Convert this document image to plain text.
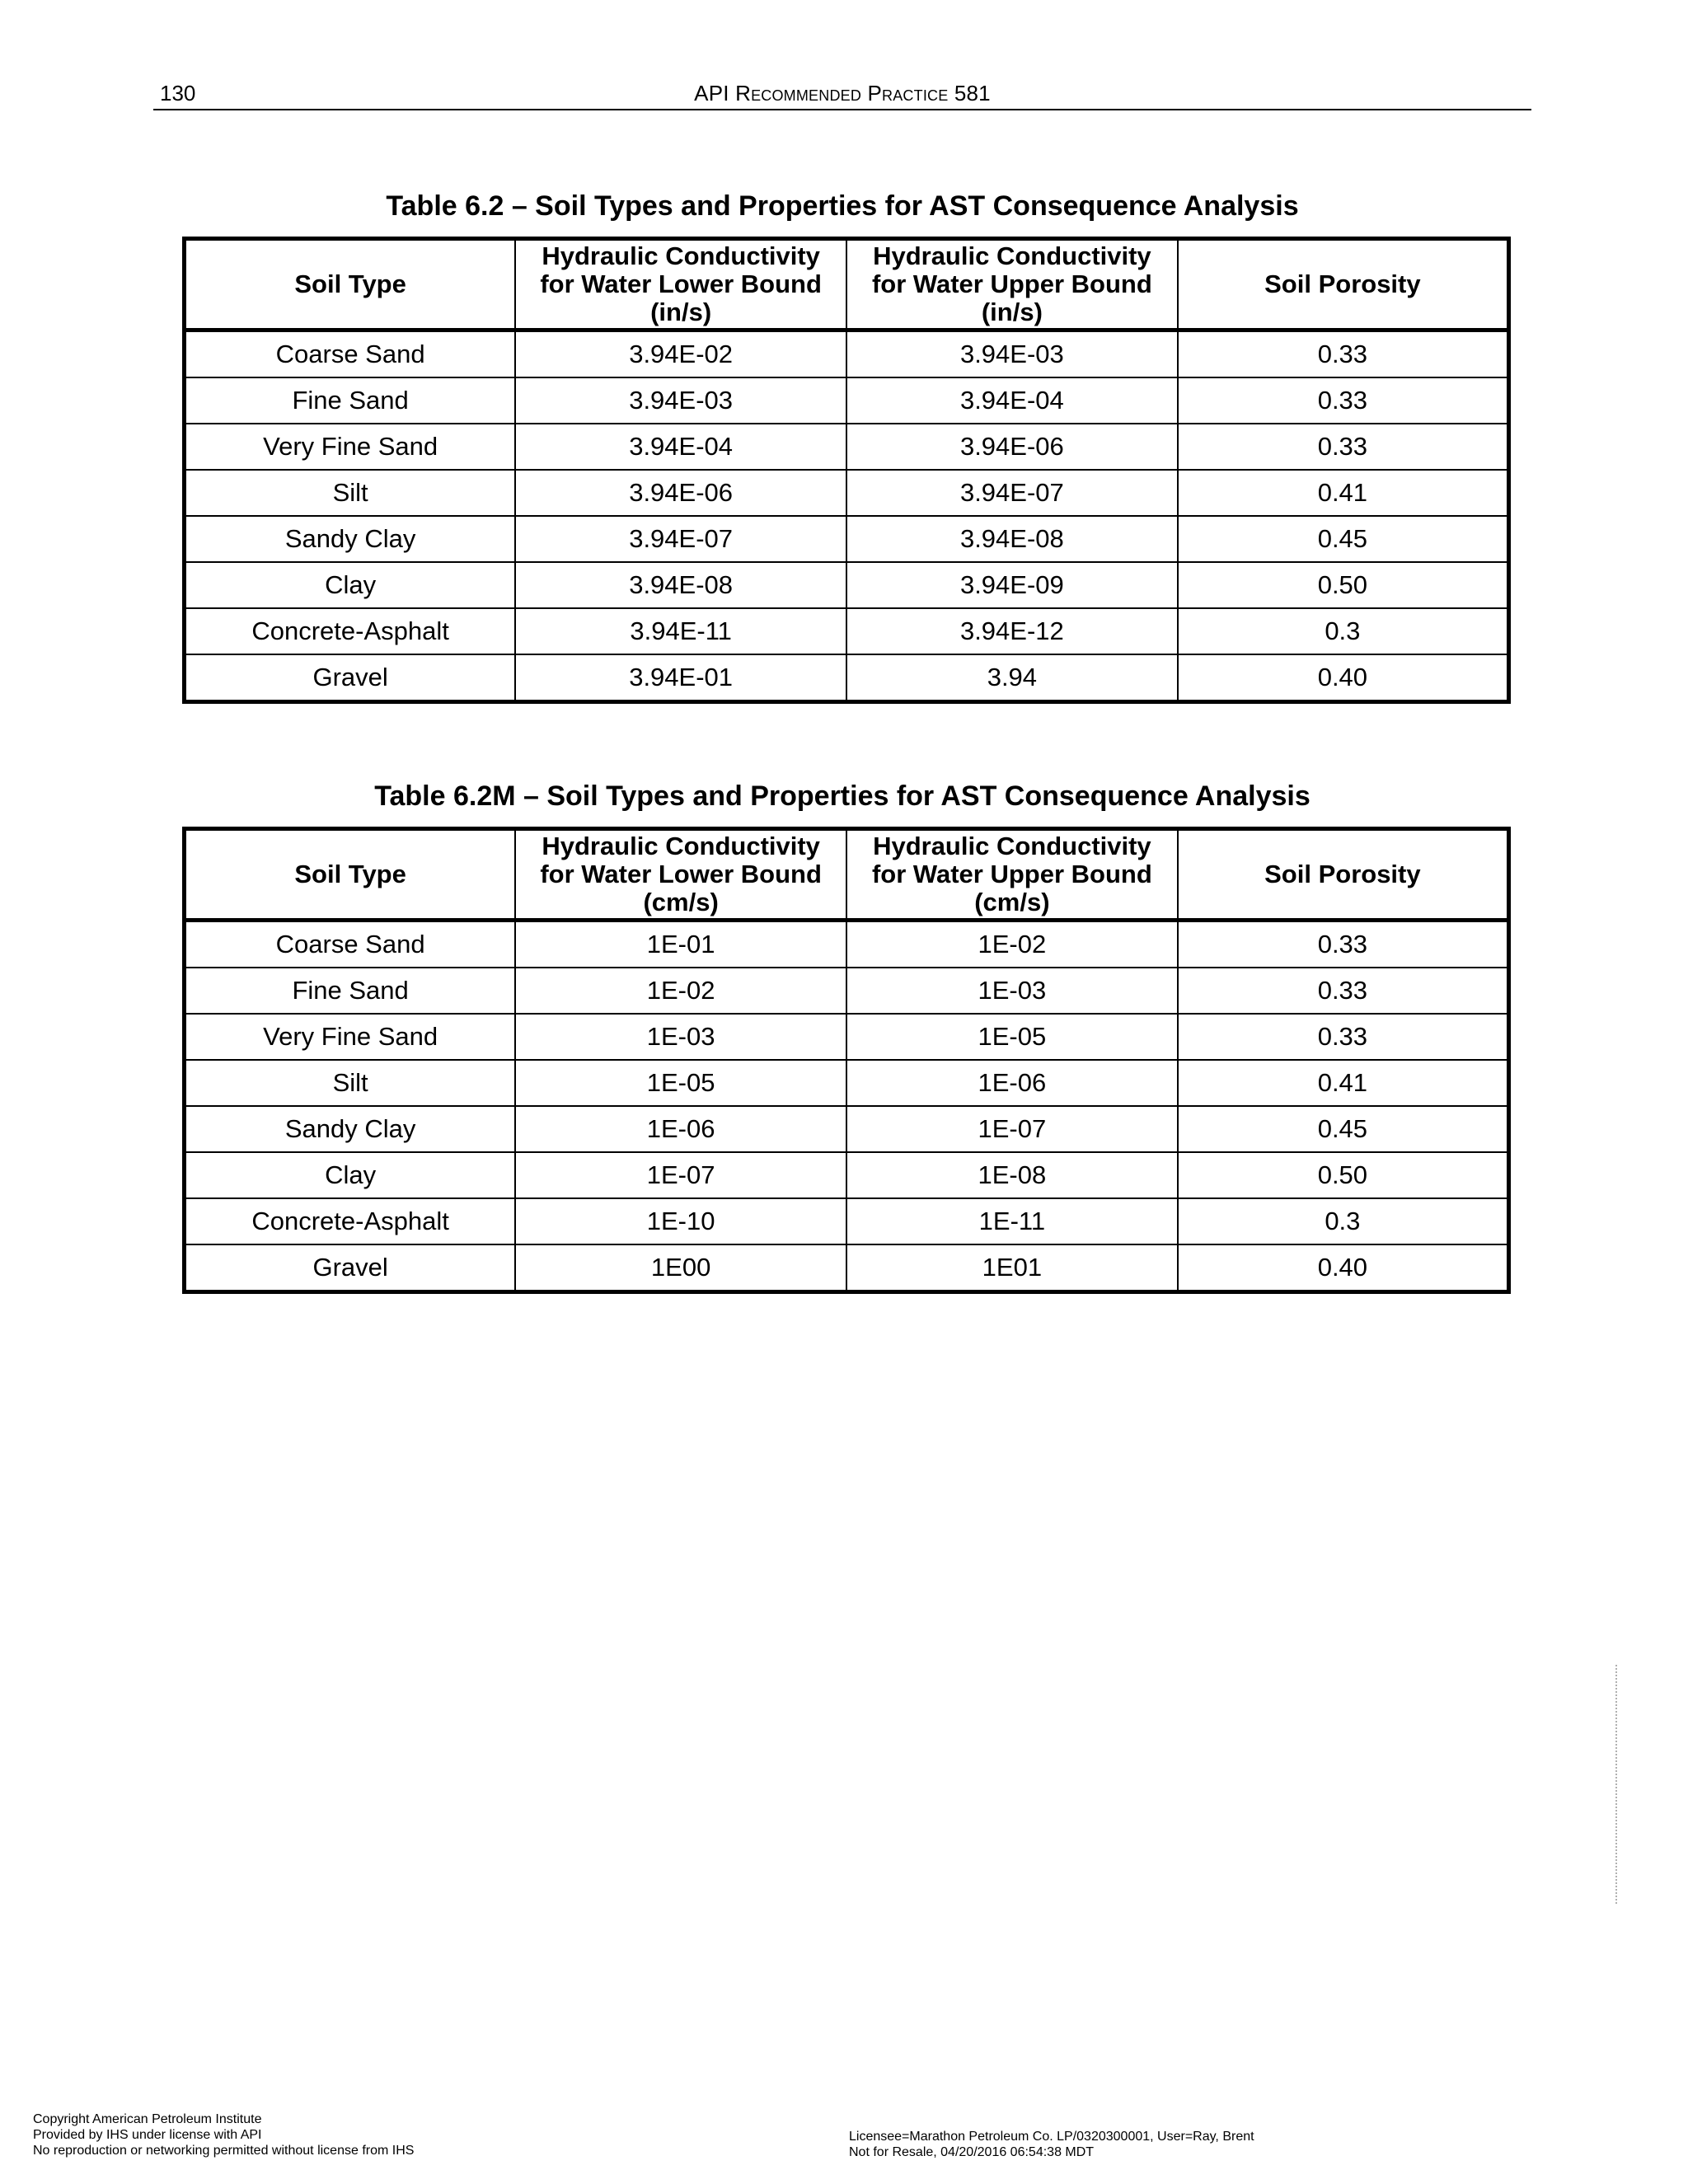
130	API Recommended Practice 581
Table 6.2 – Soil Types and Properties for AST Consequence Analysis
Soil Type	Hydraulic Conductivity
for Water Lower Bound
(in/s)	Hydraulic Conductivity
for Water Upper Bound
(in/s)	Soil Porosity

Coarse Sand	3.94E-02	3.94E-03	0.33
Fine Sand	3.94E-03	3.94E-04	0.33
Very Fine Sand	3.94E-04	3.94E-06	0.33
Silt	3.94E-06	3.94E-07	0.41
Sandy Clay	3.94E-07	3.94E-08	0.45
Clay	3.94E-08	3.94E-09	0.50
Concrete-Asphalt	3.94E-11	3.94E-12	0.3
Gravel	3.94E-01	3.94	0.40
Table 6.2M – Soil Types and Properties for AST Consequence Analysis
Soil Type	Hydraulic Conductivity
for Water Lower Bound
(cm/s)	Hydraulic Conductivity
for Water Upper Bound
(cm/s)	Soil Porosity

Coarse Sand	1E-01	1E-02	0.33
Fine Sand	1E-02	1E-03	0.33
Very Fine Sand	1E-03	1E-05	0.33
Silt	1E-05	1E-06	0.41
Sandy Clay	1E-06	1E-07	0.45
Clay	1E-07	1E-08	0.50
Concrete-Asphalt	1E-10	1E-11	0.3
Gravel	1E00	1E01	0.40
Copyright American Petroleum Institute
Provided by IHS under license with API
No reproduction or networking permitted without license from IHS
Licensee=Marathon Petroleum Co. LP/0320300001, User=Ray, Brent
Not for Resale, 04/20/2016 06:54:38 MDT
